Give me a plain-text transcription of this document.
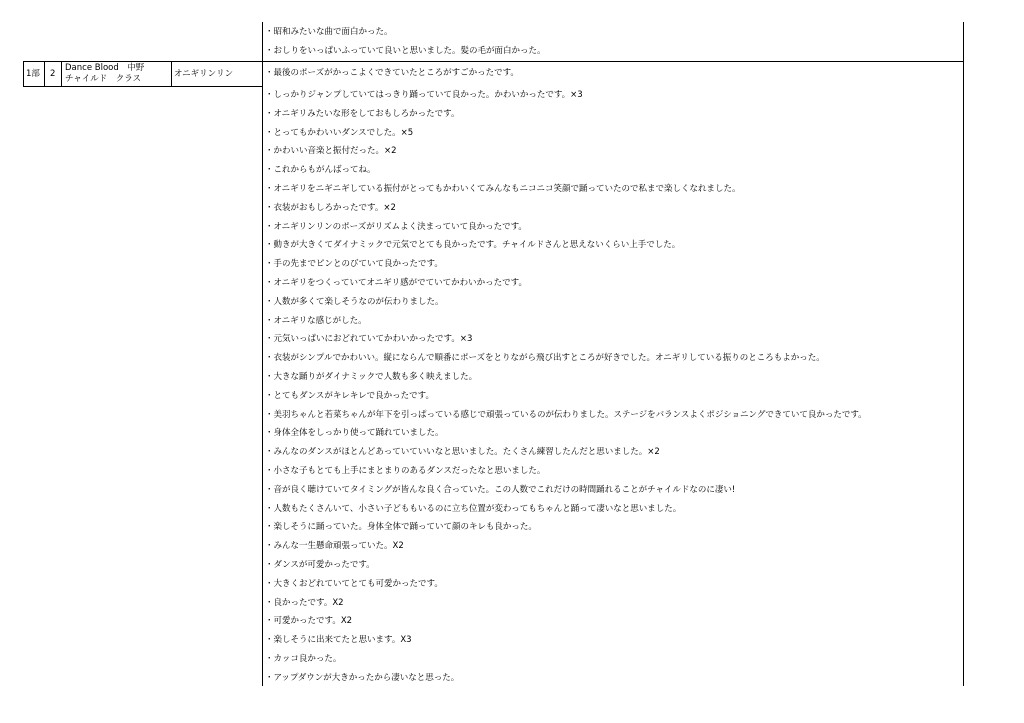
・昭和みたいな曲で面白かった。
・おしりをいっぱいふっていて良いと思いました。髪の毛が面白かった。
1部 2
Dance Blood　中野
チャイルド　クラス	オニギリンリン	・最後のポーズがかっこよくできていたところがすごかったです。
・しっかりジャンプしていてはっきり踊っていて良かった。かわいかったです。×3
・オニギリみたいな形をしておもしろかったです。
・とってもかわいいダンスでした。×5
・かわいい音楽と振付だった。×2
・これからもがんばってね。
・オニギリをニギニギしている振付がとってもかわいくてみんなもニコニコ笑顔で踊っていたので私まで楽しくなれました。
・衣装がおもしろかったです。×2
・オニギリンリンのポーズがリズムよく決まっていて良かったです。
・動きが大きくてダイナミックで元気でとても良かったです。チャイルドさんと思えないくらい上手でした。
・手の先までピンとのびていて良かったです。
・オニギリをつくっていてオニギリ感がでていてかわいかったです。
・人数が多くて楽しそうなのが伝わりました。
・オニギリな感じがした。
・元気いっぱいにおどれていてかわいかったです。×3
・衣装がシンプルでかわいい。縦にならんで順番にポーズをとりながら飛び出すところが好きでした。オニギリしている振りのところもよかった。
・大きな踊りがダイナミックで人数も多く映えました。
・とてもダンスがキレキレで良かったです。
・美羽ちゃんと若菜ちゃんが年下を引っぱっている感じで頑張っているのが伝わりました。ステージをバランスよくポジショニングできていて良かったです。
・身体全体をしっかり使って踊れていました。
・みんなのダンスがほとんどあっていていいなと思いました。たくさん練習したんだと思いました。×2
・小さな子もとても上手にまとまりのあるダンスだったなと思いました。
・音が良く聴けていてタイミングが皆んな良く合っていた。この人数でこれだけの時間踊れることがチャイルドなのに凄い!
・人数もたくさんいて、小さい子どももいるのに立ち位置が変わってもちゃんと踊って凄いなと思いました。
・楽しそうに踊っていた。身体全体で踊っていて顔のキレも良かった。
・みんな一生懸命頑張っていた。X2
・ダンスが可愛かったです。
・大きくおどれていてとても可愛かったです。
・良かったです。X2
・可愛かったです。X2
・楽しそうに出来てたと思います。X3
・カッコ良かった。
・アップダウンが大きかったから凄いなと思った。
